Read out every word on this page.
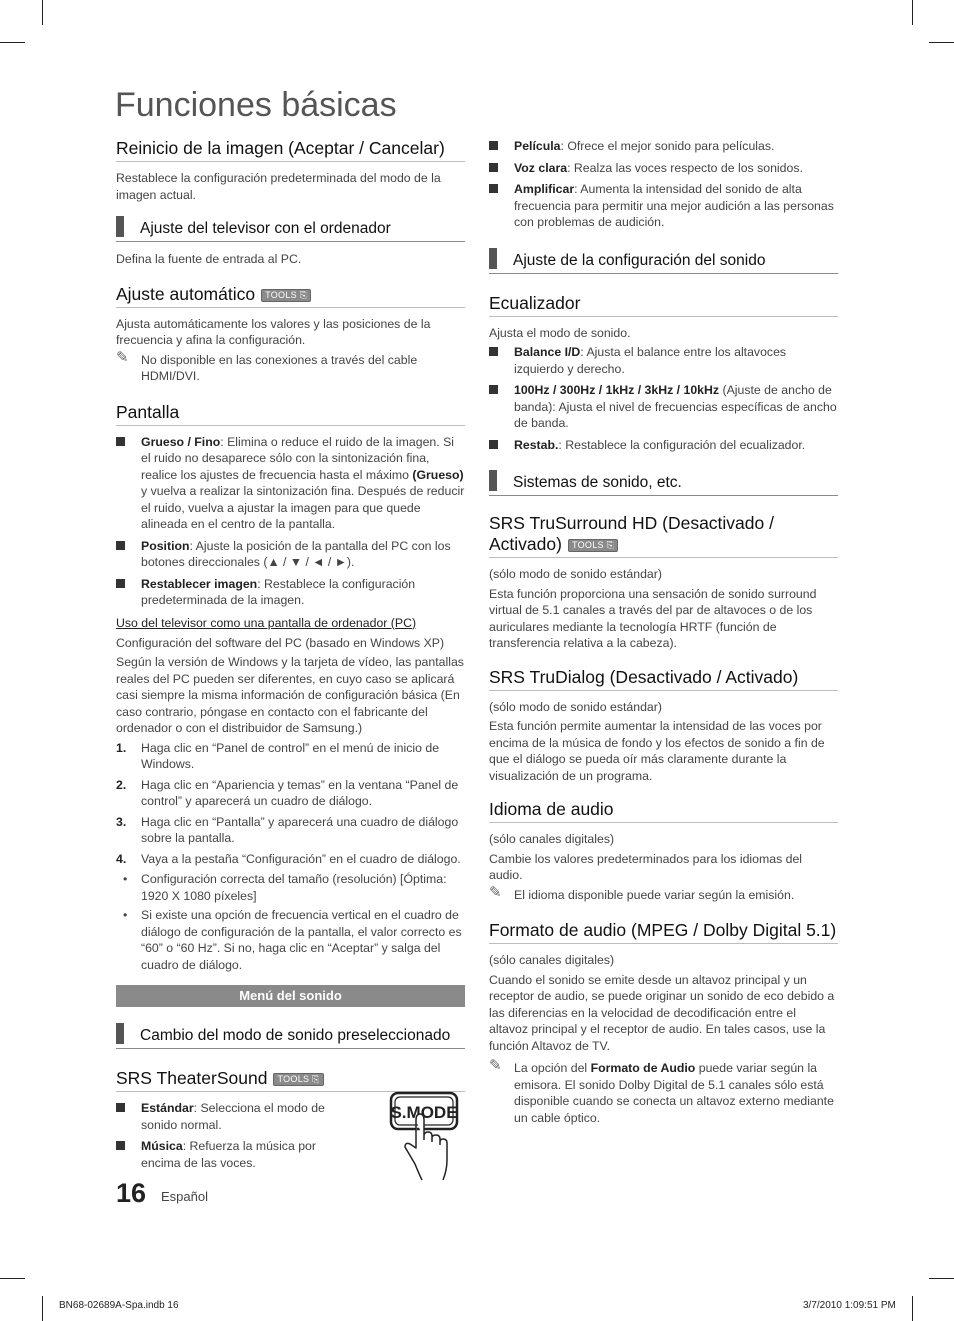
Funciones básicas
Reinicio de la imagen (Aceptar / Cancelar)

Restablece la configuración predeterminada del modo de la imagen actual.

Ajuste del televisor con el ordenador

Defina la fuente de entrada al PC.

Ajuste automático TOOLS ⎘

Ajusta automáticamente los valores y las posiciones de la frecuencia y afina la configuración.

✎ No disponible en las conexiones a través del cable HDMI/DVI.
Pantalla
Grueso / Fino: Elimina o reduce el ruido de la imagen. Si el ruido no desaparece sólo con la sintonización fina, realice los ajustes de frecuencia hasta el máximo (Grueso) y vuelva a realizar la sintonización fina. Después de reducir el ruido, vuelva a ajustar la imagen para que quede alineada en el centro de la pantalla.
Position: Ajuste la posición de la pantalla del PC con los botones direccionales (▲ / ▼ / ◄ / ►).
Restablecer imagen: Restablece la configuración predeterminada de la imagen.
Uso del televisor como una pantalla de ordenador (PC)

Configuración del software del PC (basado en Windows XP)

Según la versión de Windows y la tarjeta de vídeo, las pantallas reales del PC pueden ser diferentes, en cuyo caso se aplicará casi siempre la misma información de configuración básica (En caso contrario, póngase en contacto con el fabricante del ordenador o con el distribuidor de Samsung.)

1. Haga clic en “Panel de control” en el menú de inicio de Windows.
2. Haga clic en “Apariencia y temas” en la ventana “Panel de control” y aparecerá un cuadro de diálogo.
3. Haga clic en “Pantalla” y aparecerá una cuadro de diálogo sobre la pantalla.
4. Vaya a la pestaña “Configuración” en el cuadro de diálogo.
• Configuración correcta del tamaño (resolución) [Óptima: 1920 X 1080 píxeles]
• Si existe una opción de frecuencia vertical en el cuadro de diálogo de configuración de la pantalla, el valor correcto es “60” o “60 Hz”. Si no, haga clic en “Aceptar” y salga del cuadro de diálogo.
Menú del sonido
Cambio del modo de sonido preseleccionado
SRS TheaterSound TOOLS ⎘
Estándar: Selecciona el modo de sonido normal.
Música: Refuerza la música por encima de las voces.
S.MODE
Película: Ofrece el mejor sonido para películas.
Voz clara: Realza las voces respecto de los sonidos.
Amplificar: Aumenta la intensidad del sonido de alta frecuencia para permitir una mejor audición a las personas con problemas de audición.
Ajuste de la configuración del sonido
Ecualizador

Ajusta el modo de sonido.

Balance I/D: Ajusta el balance entre los altavoces izquierdo y derecho.
100Hz / 300Hz / 1kHz / 3kHz / 10kHz (Ajuste de ancho de banda): Ajusta el nivel de frecuencias específicas de ancho de banda.
Restab.: Restablece la configuración del ecualizador.
Sistemas de sonido, etc.
SRS TruSurround HD (Desactivado / Activado) TOOLS ⎘

(sólo modo de sonido estándar)

Esta función proporciona una sensación de sonido surround virtual de 5.1 canales a través del par de altavoces o de los auriculares mediante la tecnología HRTF (función de transferencia relativa a la cabeza).

SRS TruDialog (Desactivado / Activado)

(sólo modo de sonido estándar)

Esta función permite aumentar la intensidad de las voces por encima de la música de fondo y los efectos de sonido a fin de que el diálogo se pueda oír más claramente durante la visualización de un programa.

Idioma de audio

(sólo canales digitales)

Cambie los valores predeterminados para los idiomas del audio.

✎ El idioma disponible puede variar según la emisión.
Formato de audio (MPEG / Dolby Digital 5.1)

(sólo canales digitales)

Cuando el sonido se emite desde un altavoz principal y un receptor de audio, se puede originar un sonido de eco debido a las diferencias en la velocidad de decodificación entre el altavoz principal y el receptor de audio. En tales casos, use la función Altavoz de TV.

✎ La opción del Formato de Audio puede variar según la emisora. El sonido Dolby Digital de 5.1 canales sólo está disponible cuando se conecta un altavoz externo mediante un cable óptico.
16 Español
BN68-02689A-Spa.indb 16	3/7/2010 1:09:51 PM
